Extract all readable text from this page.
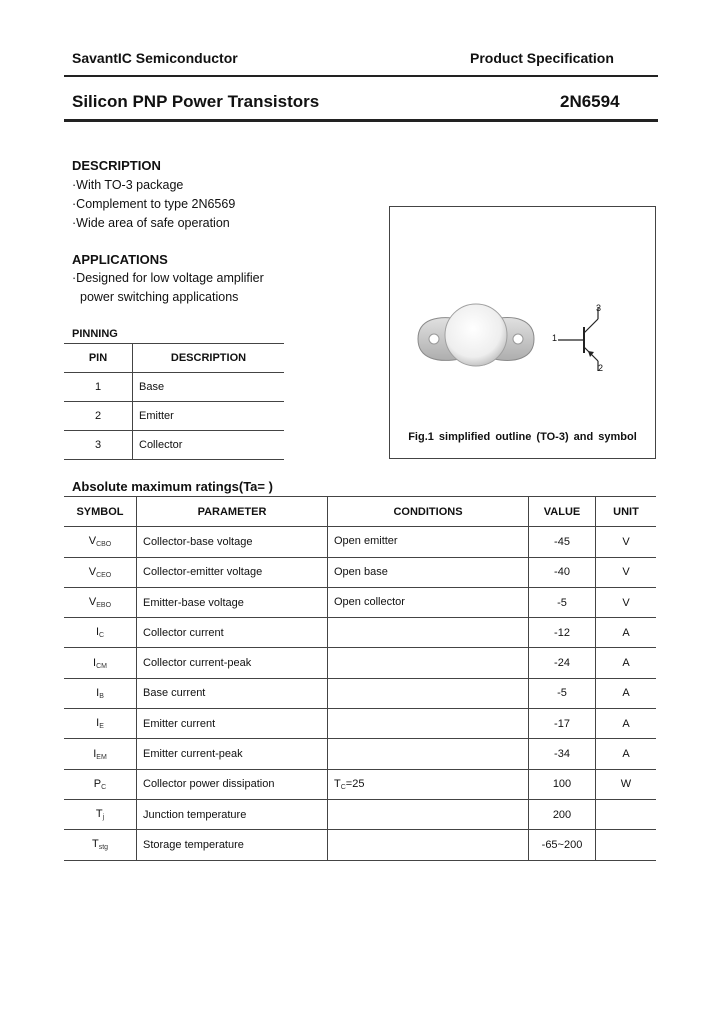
SavantIC Semiconductor	Product Specification
Silicon PNP Power Transistors	2N6594
DESCRIPTION
·With TO-3 package
·Complement to type 2N6569
·Wide area of safe operation
APPLICATIONS
·Designed for low voltage amplifier
power switching applications
PINNING
PIN	DESCRIPTION
1	Base
2	Emitter
3	Collector
1
2
3
Fig.1 simplified outline (TO-3) and symbol
Absolute maximum ratings(Ta= )
SYMBOL	PARAMETER	CONDITIONS	VALUE	UNIT
$V_{CBO}$	Collector-base voltage	Open emitter	-45	V
$V_{CEO}$	Collector-emitter voltage	Open base	-40	V
$V_{EBO}$	Emitter-base voltage	Open collector	-5	V
$I_C$	Collector current		-12	A
$I_{CM}$	Collector current-peak		-24	A
$I_B$	Base current		-5	A
$I_E$	Emitter current		-17	A
$I_{EM}$	Emitter current-peak		-34	A
$P_C$	Collector power dissipation	$T_C=25$	100	W
$T_j$	Junction temperature		200	
$T_{stg}$	Storage temperature		-65~200	
